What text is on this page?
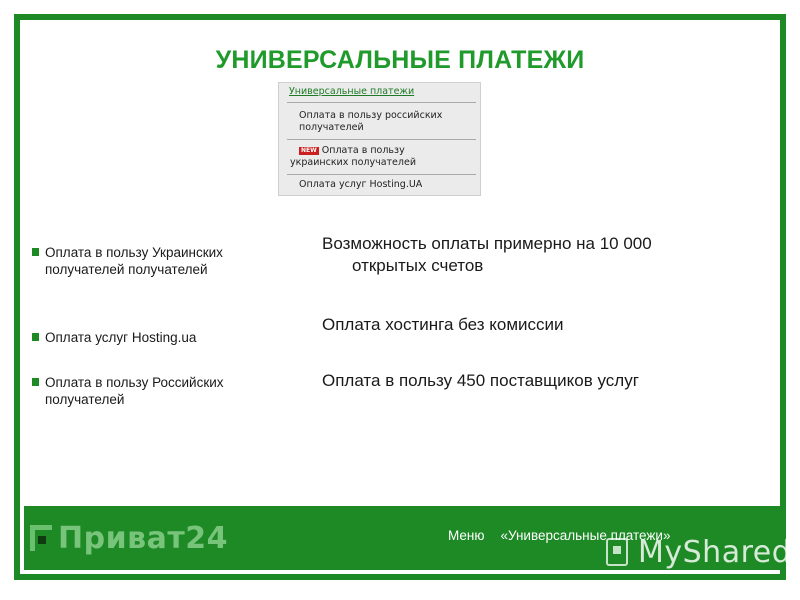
УНИВЕРСАЛЬНЫЕ ПЛАТЕЖИ
Универсальные платежи
Оплата в пользу российских
получателей
NEW Оплата в пользу
украинских получателей
Оплата услуг Hosting.UA
Оплата в пользу Украинских
получателей получателей
Оплата услуг Hosting.ua
Оплата в пользу Российских
получателей
Возможность оплаты примерно на 10 000
открытых счетов
Оплата хостинга без комиссии
Оплата в пользу 450 поставщиков услуг
Приват24	Меню «Универсальные платежи»
MyShared
